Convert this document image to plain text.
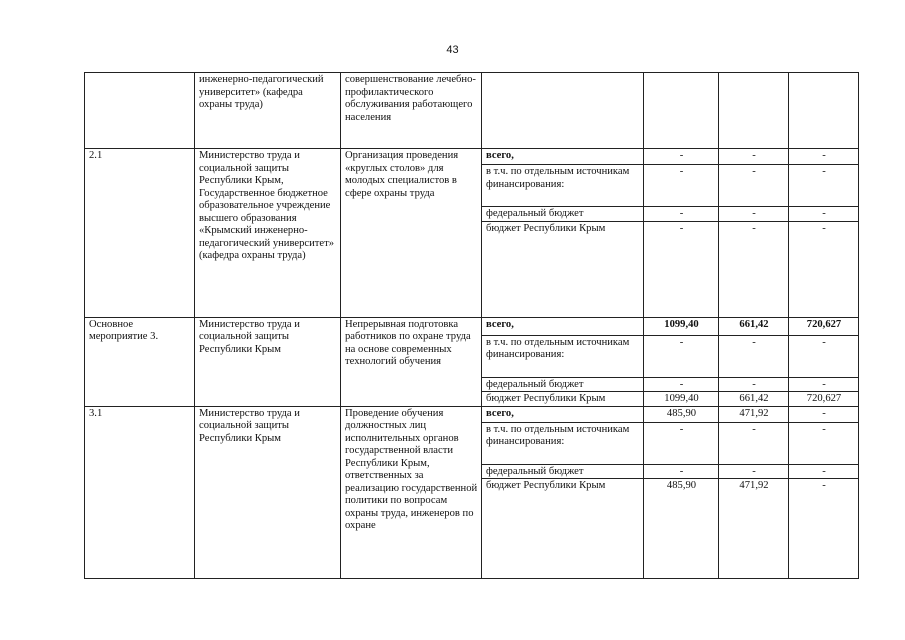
43
	инженерно-педагогический университет» (кафедра охраны труда)	совершенствование лечебно-профилактического обслуживания работающего населения				
2.1	Министерство труда и социальной защиты Республики Крым, Государственное бюджетное образовательное учреждение высшего образования «Крымский инженерно-педагогический университет» (кафедра охраны труда)	Организация проведения «круглых столов» для молодых специалистов в сфере охраны труда	всего,	-	-	-
			в т.ч. по отдельным источникам финансирования:	-	-	-
			федеральный бюджет	-	-	-
			бюджет Республики Крым	-	-	-
Основное мероприятие 3.	Министерство труда и социальной защиты Республики Крым	Непрерывная подготовка работников по охране труда на основе современных технологий обучения	всего,	1099,40	661,42	720,627
			в т.ч. по отдельным источникам финансирования:	-	-	-
			федеральный бюджет	-	-	-
			бюджет Республики Крым	1099,40	661,42	720,627
3.1	Министерство труда и социальной защиты Республики Крым	Проведение обучения должностных лиц исполнительных органов государственной власти Республики Крым, ответственных за реализацию государственной политики по вопросам охраны труда, инженеров по охране	всего,	485,90	471,92	-
			в т.ч. по отдельным источникам финансирования:	-	-	-
			федеральный бюджет	-	-	-
			бюджет Республики Крым	485,90	471,92	-
